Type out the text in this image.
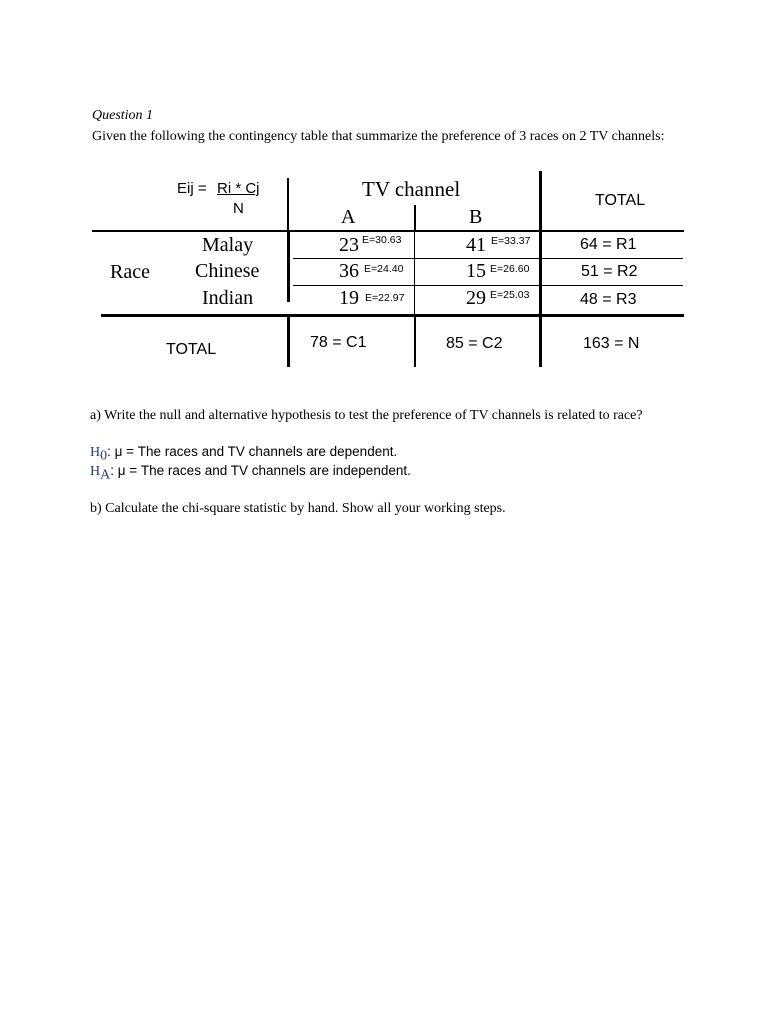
Question 1
Given the following the contingency table that summarize the preference of 3 races on 2 TV channels:
Eij = Ri * Cj
N
TV channel
A	B
TOTAL
Race
Malay	23 E=30.63	41 E=33.37	64 = R1
Chinese	36 E=24.40	15 E=26.60	51 = R2
Indian	19 E=22.97	29 E=25.03	48 = R3
TOTAL	78 = C1	85 = C2	163 = N
a) Write the null and alternative hypothesis to test the preference of TV channels is related to race?
$H_0$: μ = The races and TV channels are dependent.
$H_A$: μ = The races and TV channels are independent.
b) Calculate the chi-square statistic by hand. Show all your working steps.
